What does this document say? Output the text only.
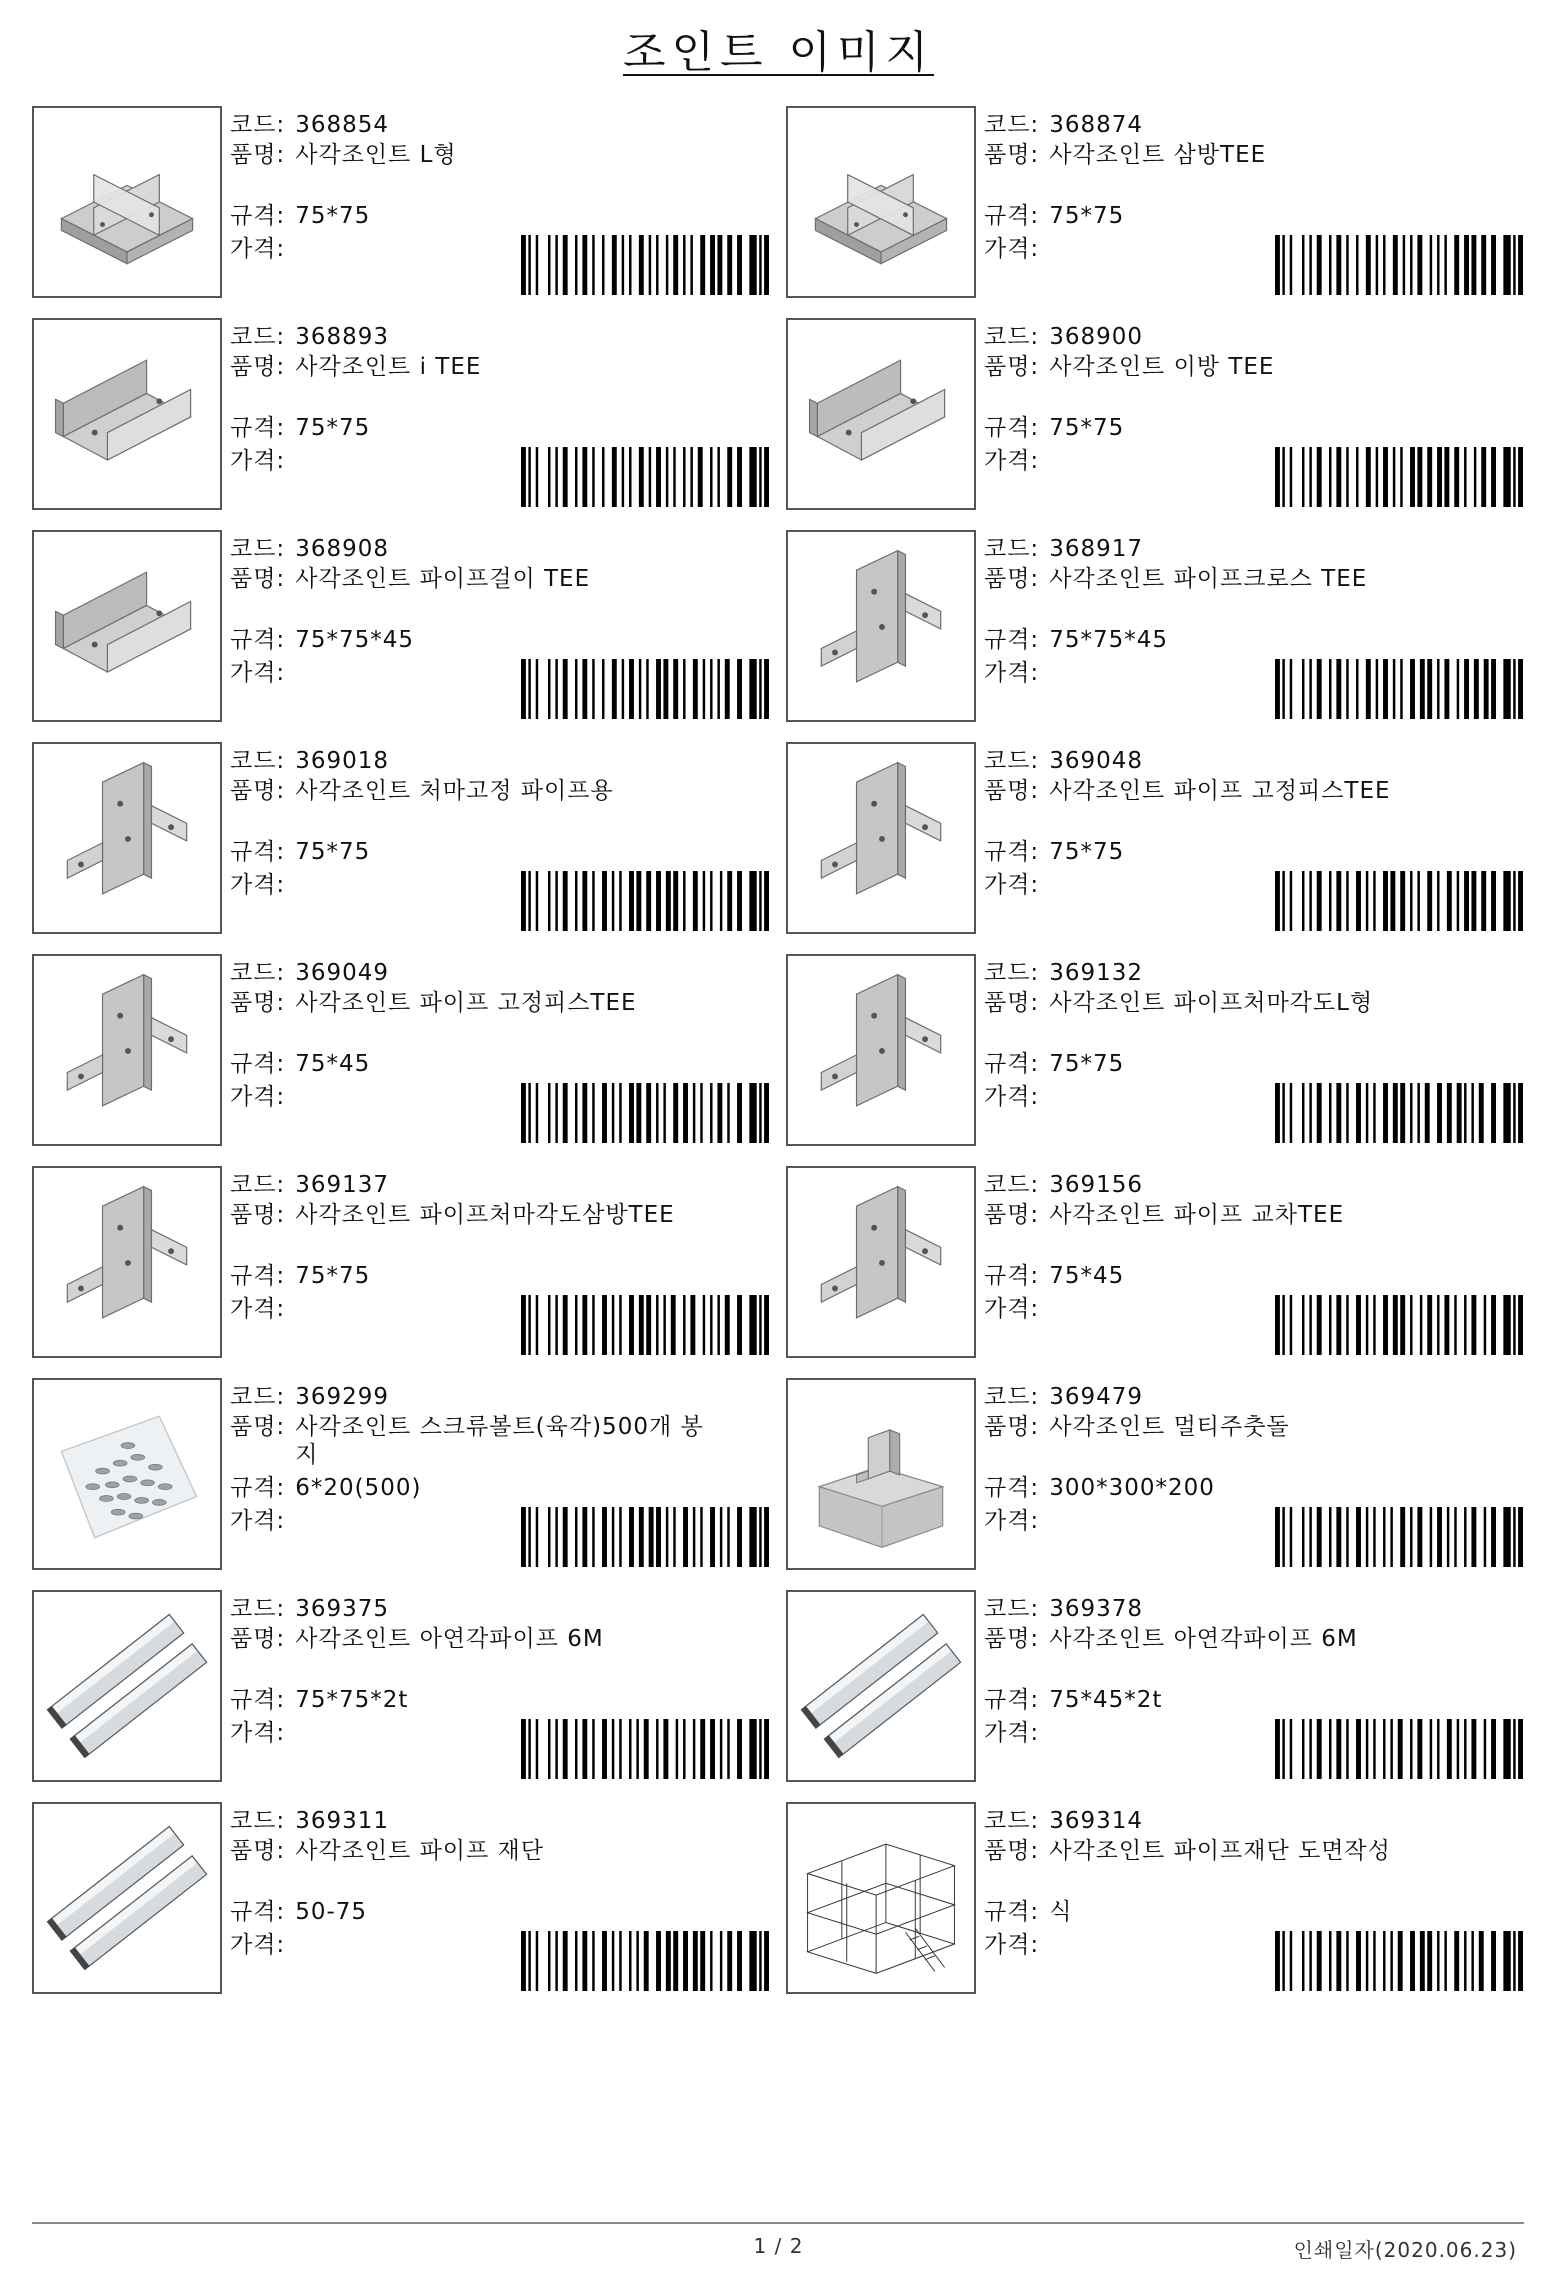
조인트 이미지
코드: 368854
품명: 사각조인트 L형
규격: 75*75
가격:
코드: 368874
품명: 사각조인트 삼방TEE
규격: 75*75
가격:
코드: 368893
품명: 사각조인트 i TEE
규격: 75*75
가격:
코드: 368900
품명: 사각조인트 이방 TEE
규격: 75*75
가격:
코드: 368908
품명: 사각조인트 파이프걸이 TEE
규격: 75*75*45
가격:
코드: 368917
품명: 사각조인트 파이프크로스 TEE
규격: 75*75*45
가격:
코드: 369018
품명: 사각조인트 처마고정 파이프용
규격: 75*75
가격:
코드: 369048
품명: 사각조인트 파이프 고정피스TEE
규격: 75*75
가격:
코드: 369049
품명: 사각조인트 파이프 고정피스TEE
규격: 75*45
가격:
코드: 369132
품명: 사각조인트 파이프처마각도L형
규격: 75*75
가격:
코드: 369137
품명: 사각조인트 파이프처마각도삼방TEE
규격: 75*75
가격:
코드: 369156
품명: 사각조인트 파이프 교차TEE
규격: 75*45
가격:
코드: 369299
품명: 사각조인트 스크류볼트(육각)500개 봉지
규격: 6*20(500)
가격:
코드: 369479
품명: 사각조인트 멀티주춧돌
규격: 300*300*200
가격:
코드: 369375
품명: 사각조인트 아연각파이프 6M
규격: 75*75*2t
가격:
코드: 369378
품명: 사각조인트 아연각파이프 6M
규격: 75*45*2t
가격:
코드: 369311
품명: 사각조인트 파이프 재단
규격: 50-75
가격:
코드: 369314
품명: 사각조인트 파이프재단 도면작성
규격: 식
가격:
1 / 2	인쇄일자(2020.06.23)
